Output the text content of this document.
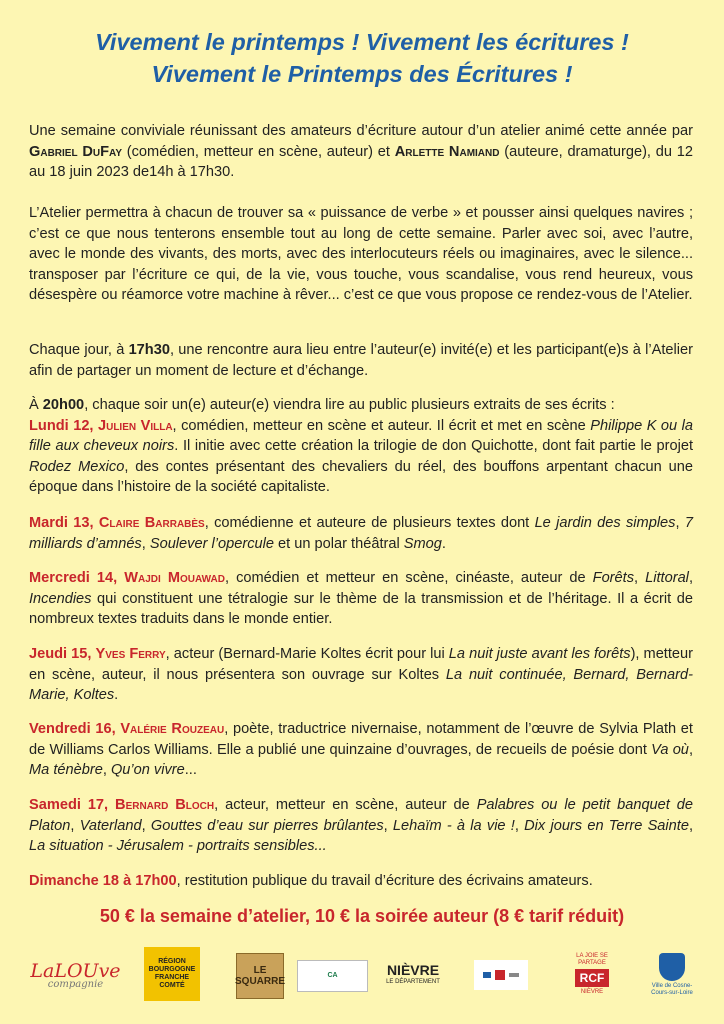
Vivement le printemps ! Vivement les écritures !
Vivement le Printemps des Écritures !

Une semaine conviviale réunissant des amateurs d’écriture autour d’un atelier animé cette année par Gabriel DuFay (comédien, metteur en scène, auteur) et Arlette Namiand (auteure, dramaturge), du 12 au 18 juin 2023 de14h à 17h30.

L’Atelier permettra à chacun de trouver sa « puissance de verbe » et pousser ainsi quelques navires ; c’est ce que nous tenterons ensemble tout au long de cette semaine. Parler avec soi, avec l’autre, avec le monde des vivants, des morts, avec des interlocuteurs réels ou imaginaires, avec le silence... transposer par l’écriture ce qui, de la vie, vous touche, vous scandalise, vous rend heureux, vous désespère ou réamorce votre machine à rêver... c’est ce que vous propose ce rendez-vous de l’Atelier.

Chaque jour, à 17h30, une rencontre aura lieu entre l’auteur(e) invité(e) et les participant(e)s à l’Atelier afin de partager un moment de lecture et d’échange.

À 20h00, chaque soir un(e) auteur(e) viendra lire au public plusieurs extraits de ses écrits :
Lundi 12, Julien Villa, comédien, metteur en scène et auteur. Il écrit et met en scène Philippe K ou la fille aux cheveux noirs. Il initie avec cette création la trilogie de don Quichotte, dont fait partie le projet Rodez Mexico, des contes présentant des chevaliers du réel, des bouffons arpentant chacun une époque dans l’histoire de la société capitaliste.

Mardi 13, Claire Barrabès, comédienne et auteure de plusieurs textes dont Le jardin des simples, 7 milliards d’amnés, Soulever l’opercule et un polar théâtral Smog.

Mercredi 14, Wajdi Mouawad, comédien et metteur en scène, cinéaste, auteur de Forêts, Littoral, Incendies qui constituent une tétralogie sur le thème de la transmission et de l’héritage. Il a écrit de nombreux textes traduits dans le monde entier.

Jeudi 15, Yves Ferry, acteur (Bernard-Marie Koltes écrit pour lui La nuit juste avant les forêts), metteur en scène, auteur, il nous présentera son ouvrage sur Koltes La nuit continuée, Bernard, Bernard-Marie, Koltes.

Vendredi 16, Valérie Rouzeau, poète, traductrice nivernaise, notamment de l’œuvre de Sylvia Plath et de Williams Carlos Williams. Elle a publié une quinzaine d’ouvrages, de recueils de poésie dont Va où, Ma ténèbre, Qu’on vivre...

Samedi 17, Bernard Bloch, acteur, metteur en scène, auteur de Palabres ou le petit banquet de Platon, Vaterland, Gouttes d’eau sur pierres brûlantes, Lehaïm - à la vie !, Dix jours en Terre Sainte, La situation - Jérusalem - portraits sensibles...

Dimanche 18 à 17h00, restitution publique du travail d’écriture des écrivains amateurs.

50 € la semaine d’atelier, 10 € la soirée auteur (8 € tarif réduit)

LaLOUve
compagnie
RÉGION BOURGOGNE FRANCHE COMTÉ
LE SQUARRE
CA	NIÈVRE
LE DÉPARTEMENT
LA JOIE SE PARTAGE
RCF
NIÈVRE
Ville de Cosne-Cours-sur-Loire
